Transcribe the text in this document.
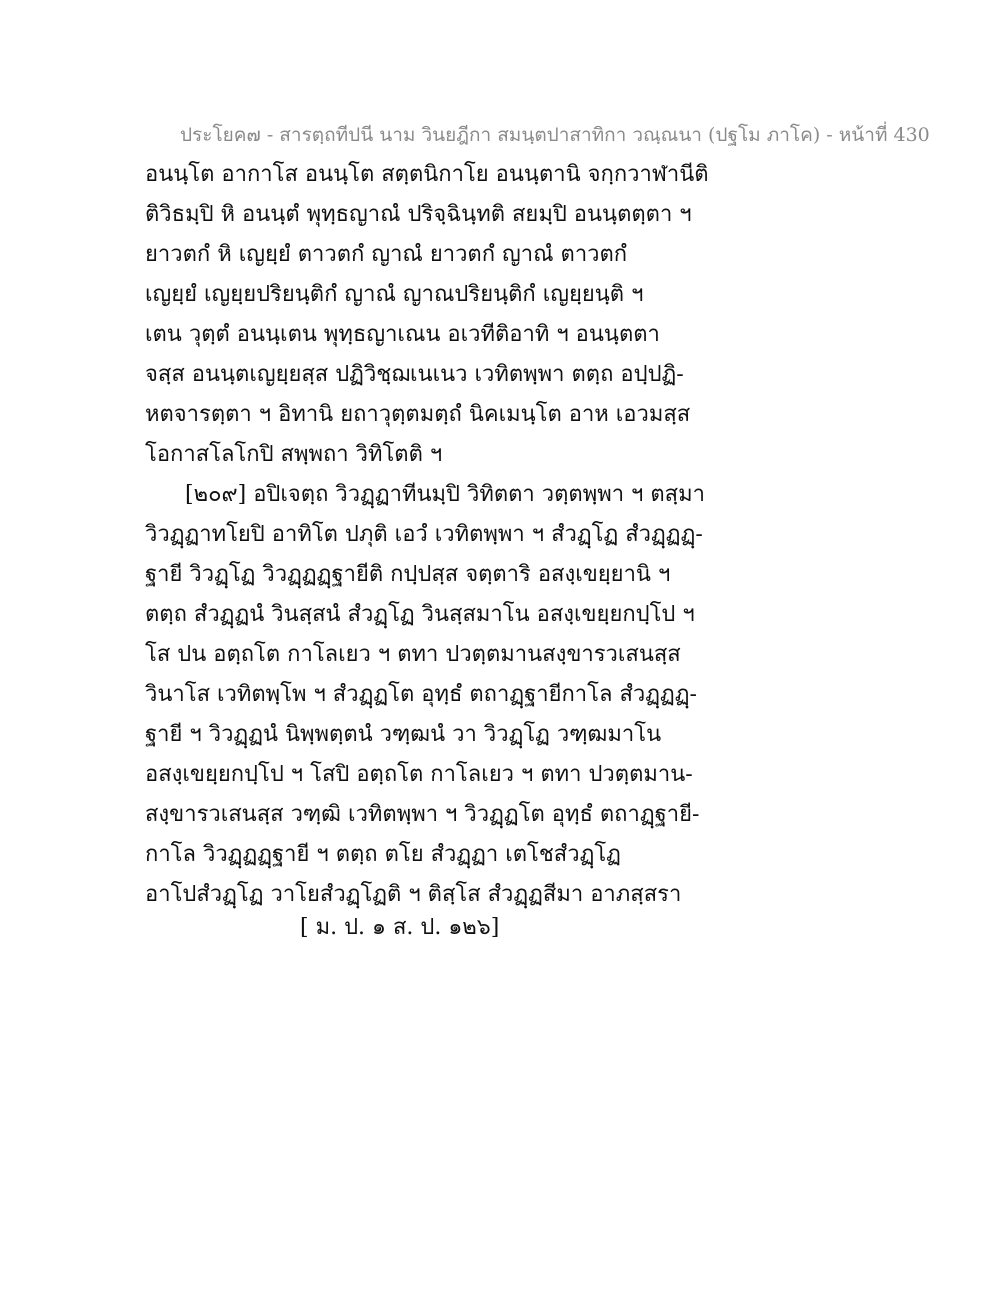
ประโยค๗ - สารตฺถทีปนี นาม วินยฎีกา สมนฺตปาสาทิกา วณฺณนา (ปฐโม ภาโค) - หน้าที่ 430
อนนฺโต อากาโส อนนฺโต สตฺตนิกาโย อนนฺตานิ จกฺกวาฬานีติ
ติวิธมฺปิ หิ อนนฺตํ พุทฺธญาณํ ปริจฺฉินฺทติ สยมฺปิ อนนฺตตฺตา ฯ
ยาวตกํ หิ เญยฺยํ ตาวตกํ ญาณํ ยาวตกํ ญาณํ ตาวตกํ
เญยฺยํ เญยฺยปริยนฺติกํ ญาณํ ญาณปริยนฺติกํ เญยฺยนฺติ ฯ
เตน วุตฺตํ อนนฺเตน พุทฺธญาเณน อเวทีติอาทิ ฯ อนนฺตตา
จสฺส อนนฺตเญยฺยสฺส ปฏิวิชฺฌเนเนว เวทิตพฺพา ตตฺถ อปฺปฏิ-
หตจารตฺตา ฯ อิทานิ ยถาวุตฺตมตฺถํ นิคเมนฺโต อาห เอวมสฺส
โอกาสโลโกปิ สพฺพถา วิทิโตติ ฯ
[๒๐๙] อปิเจตฺถ วิวฏฺฏาทีนมฺปิ วิทิตตา วตฺตพฺพา ฯ ตสฺมา
วิวฏฺฏาทโยปิ อาทิโต ปภุติ เอวํ เวทิตพฺพา ฯ สํวฏฺโฏ สํวฏฺฏฏฺ-
ฐายี วิวฏฺโฏ วิวฏฺฏฏฺฐายีติ กปฺปสฺส จตฺตาริ อสงฺเขยฺยานิ ฯ
ตตฺถ สํวฏฺฏนํ วินสฺสนํ สํวฏฺโฏ วินสฺสมาโน อสงฺเขยฺยกปฺโป ฯ
โส ปน อตฺถโต กาโลเยว ฯ ตทา ปวตฺตมานสงฺขารวเสนสฺส
วินาโส เวทิตพฺโพ ฯ สํวฏฺฏโต อุทฺธํ ตถาฏฺฐายีกาโล สํวฏฺฏฏฺ-
ฐายี ฯ วิวฏฺฏนํ นิพฺพตฺตนํ วฑฺฒนํ วา วิวฏฺโฏ วฑฺฒมาโน
อสงฺเขยฺยกปฺโป ฯ โสปิ อตฺถโต กาโลเยว ฯ ตทา ปวตฺตมาน-
สงฺขารวเสนสฺส วฑฺฒิ เวทิตพฺพา ฯ วิวฏฺฏโต อุทฺธํ ตถาฏฺฐายี-
กาโล วิวฏฺฏฏฺฐายี ฯ ตตฺถ ตโย สํวฏฺฏา เตโชสํวฏฺโฏ
อาโปสํวฏฺโฏ วาโยสํวฏฺโฏติ ฯ ติสฺโส สํวฏฺฏสีมา อาภสฺสรา
[ ม. ป. ๑ ส. ป. ๑๒๖]
